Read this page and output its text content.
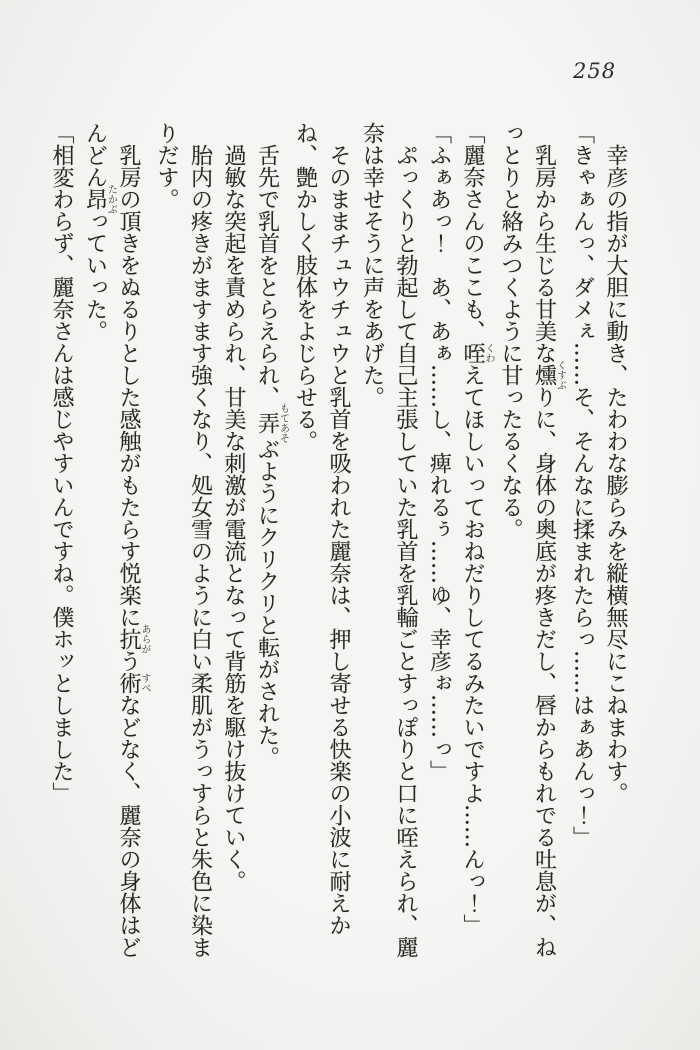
258

幸彦の指が大胆に動き、たわわな膨らみを縦横無尽にこねまわす。

「きゃぁんっ、ダメぇ……そ、そんなに揉まれたらっ……はぁあんっ！」

乳房から生じる甘美な燻くすぶりに、身体の奥底が疼きだし、唇からもれでる吐息が、ねっとりと絡みつくように甘ったるくなる。

「麗奈さんのここも、咥くわえてほしいっておねだりしてるみたいですよ……んっ！」

「ふぁあっ！　あ、あぁ……し、痺れるぅ……ゆ、幸彦ぉ……っ」

ぷっくりと勃起して自己主張していた乳首を乳輪ごとすっぽりと口に咥えられ、麗奈は幸せそうに声をあげた。

そのままチュウチュウと乳首を吸われた麗奈は、押し寄せる快楽の小波に耐えかね、艶かしく肢体をよじらせる。

舌先で乳首をとらえられ、弄もてあそぶようにクリクリと転がされた。

過敏な突起を責められ、甘美な刺激が電流となって背筋を駆け抜けていく。

胎内の疼きがますます強くなり、処女雪のように白い柔肌がうっすらと朱色に染まりだす。

乳房の頂きをぬるりとした感触がもたらす悦楽に抗あらがう術すべなどなく、麗奈の身体はどんどん昂たかぶっていった。

「相変わらず、麗奈さんは感じやすいんですね。僕ホッとしました」
